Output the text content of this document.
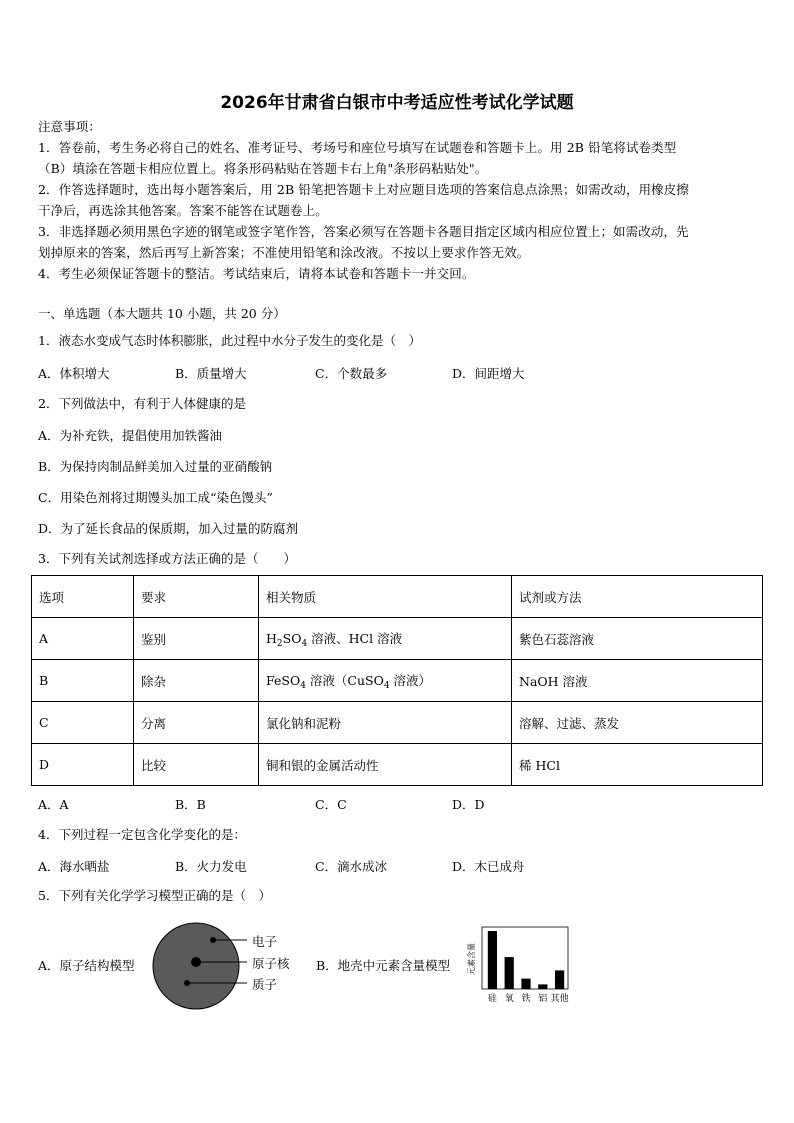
2026年甘肃省白银市中考适应性考试化学试题
注意事项：
1．答卷前，考生务必将自己的姓名、准考证号、考场号和座位号填写在试题卷和答题卡上。用 2B 铅笔将试卷类型
（B）填涂在答题卡相应位置上。将条形码粘贴在答题卡右上角"条形码粘贴处"。
2．作答选择题时，选出每小题答案后，用 2B 铅笔把答题卡上对应题目选项的答案信息点涂黑；如需改动，用橡皮擦
干净后，再选涂其他答案。答案不能答在试题卷上。
3．非选择题必须用黑色字迹的钢笔或签字笔作答，答案必须写在答题卡各题目指定区域内相应位置上；如需改动，先
划掉原来的答案，然后再写上新答案；不准使用铅笔和涂改液。不按以上要求作答无效。
4．考生必须保证答题卡的整洁。考试结束后，请将本试卷和答题卡一并交回。
一、单选题（本大题共 10 小题，共 20 分）
1．液态水变成气态时体积膨胀，此过程中水分子发生的变化是（　）
A．体积增大	B．质量增大	C．个数最多	D．间距增大
2．下列做法中，有利于人体健康的是
A．为补充铁，提倡使用加铁酱油
B．为保持肉制品鲜美加入过量的亚硝酸钠
C．用染色剂将过期馒头加工成“染色馒头”
D．为了延长食品的保质期，加入过量的防腐剂
3．下列有关试剂选择或方法正确的是（　　）
选项	要求	相关物质	试剂或方法
A	鉴别	$H_2SO_4$ 溶液、HCl 溶液	紫色石蕊溶液
B	除杂	FeSO$_4$ 溶液（CuSO$_4$ 溶液）	NaOH 溶液
C	分离	氯化钠和泥粉	溶解、过滤、蒸发
D	比较	铜和银的金属活动性	稀 HCl
A．A	B．B	C．C	D．D
4．下列过程一定包含化学变化的是：
A．海水晒盐	B．火力发电	C．滴水成冰	D．木已成舟
5．下列有关化学学习模型正确的是（　）
A．原子结构模型
电子
原子核
质子
B．地壳中元素含量模型 元素含量
硅 氧 铁 铝 其他
